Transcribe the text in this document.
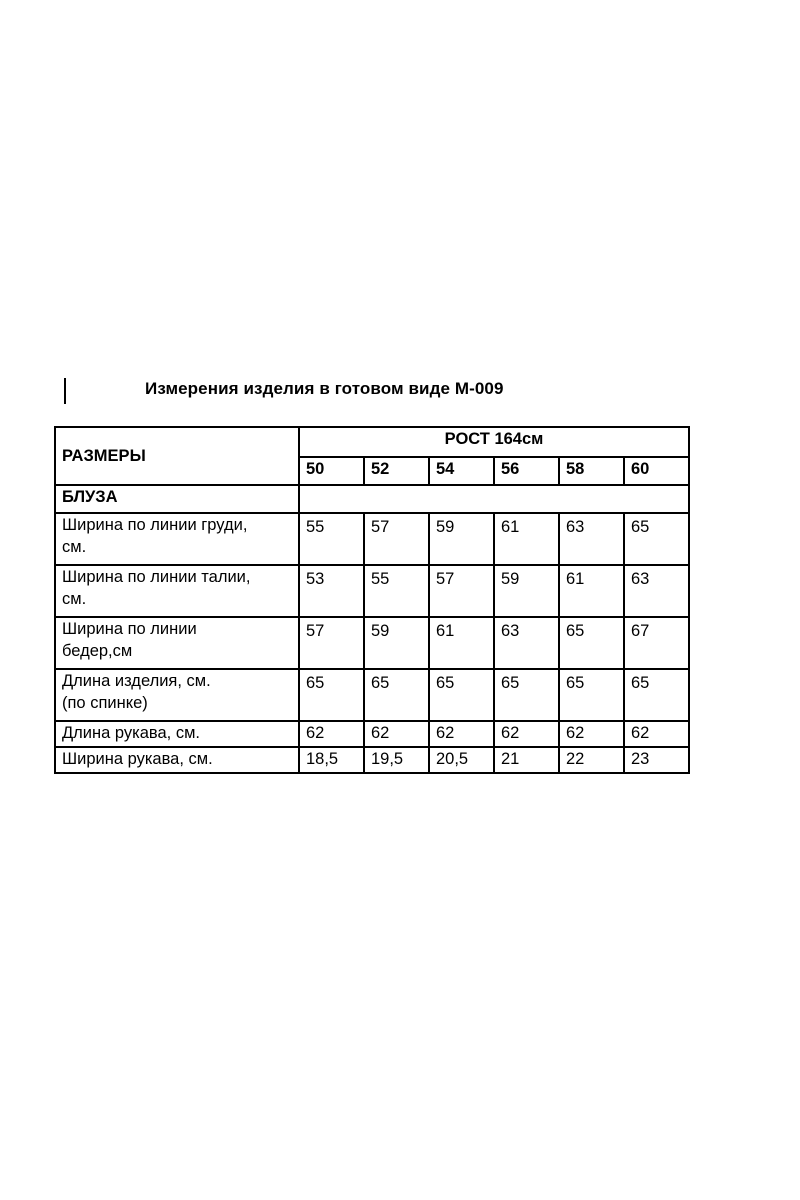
Измерения изделия в готовом виде М-009
РАЗМЕРЫ	РОСТ 164см					
	50	52	54	56	58	60
БЛУЗА						

Ширина по линии груди,
см.	55	57	59	61	63	65

Ширина по линии талии,
см.	53	55	57	59	61	63

Ширина по линии
бедер,см	57	59	61	63	65	67

Длина изделия, см.
(по спинке)	65	65	65	65	65	65
Длина рукава, см.	62	62	62	62	62	62
Ширина рукава, см.	18,5	19,5	20,5	21	22	23
